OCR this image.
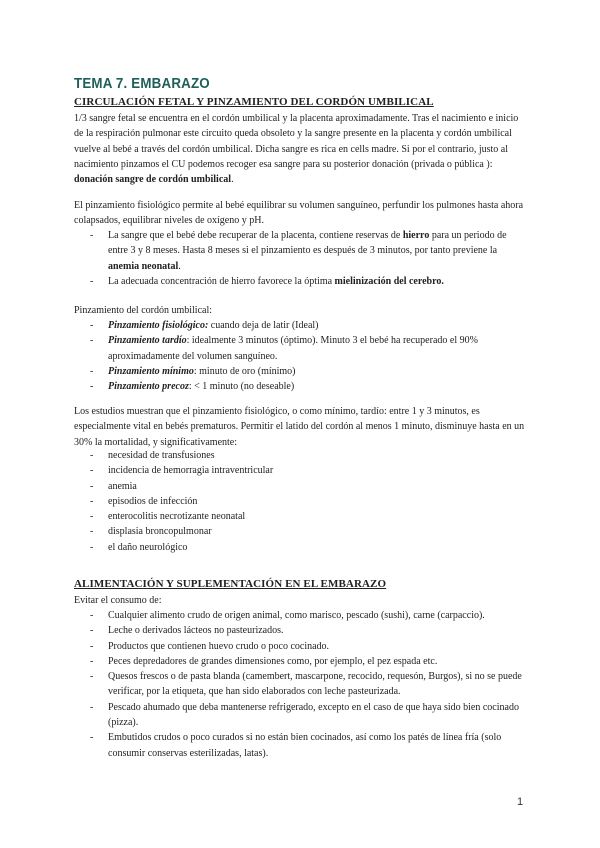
TEMA 7. EMBARAZO
CIRCULACIÓN FETAL Y PINZAMIENTO DEL CORDÓN UMBILICAL

1/3 sangre fetal se encuentra en el cordón umbilical y la placenta aproximadamente. Tras el nacimiento e inicio de la respiración pulmonar este circuito queda obsoleto y la sangre presente en la placenta y cordón umbilical vuelve al bebé a través del cordón umbilical. Dicha sangre es rica en cells madre. Si por el contrario, justo al nacimiento pinzamos el CU podemos recoger esa sangre para su posterior donación (privada o pública ): donación sangre de cordón umbilical.

El pinzamiento fisiológico permite al bebé equilibrar su volumen sanguíneo, perfundir los pulmones hasta ahora colapsados, equilibrar niveles de oxígeno y pH.

- La sangre que el bebé debe recuperar de la placenta, contiene reservas de hierro para un periodo de entre 3 y 8 meses. Hasta 8 meses si el pinzamiento es después de 3 minutos, por tanto previene la anemia neonatal.
- La adecuada concentración de hierro favorece la óptima mielinización del cerebro.

Pinzamiento del cordón umbilical:

- Pinzamiento fisiológico: cuando deja de latir (Ideal)
- Pinzamiento tardío: idealmente 3 minutos (óptimo). Minuto 3 el bebé ha recuperado el 90% aproximadamente del volumen sanguíneo.
- Pinzamiento mínimo: minuto de oro (mínimo)
- Pinzamiento precoz: < 1 minuto (no deseable)

Los estudios muestran que el pinzamiento fisiológico, o como mínimo, tardío: entre 1 y 3 minutos, es especialmente vital en bebés prematuros. Permitir el latido del cordón al menos 1 minuto, disminuye hasta en un 30% la mortalidad, y significativamente:

- necesidad de transfusiones
- incidencia de hemorragia intraventricular
- anemia
- episodios de infección
- enterocolitis necrotizante neonatal
- displasia broncopulmonar
- el daño neurológico
ALIMENTACIÓN Y SUPLEMENTACIÓN EN EL EMBARAZO

Evitar el consumo de:

- Cualquier alimento crudo de origen animal, como marisco, pescado (sushi), carne (carpaccio).
- Leche o derivados lácteos no pasteurizados.
- Productos que contienen huevo crudo o poco cocinado.
- Peces depredadores de grandes dimensiones como, por ejemplo, el pez espada etc.
- Quesos frescos o de pasta blanda (camembert, mascarpone, recocido, requesón, Burgos), si no se puede verificar, por la etiqueta, que han sido elaborados con leche pasteurizada.
- Pescado ahumado que deba mantenerse refrigerado, excepto en el caso de que haya sido bien cocinado (pizza).
- Embutidos crudos o poco curados si no están bien cocinados, así como los patés de línea fría (solo consumir conservas esterilizadas, latas).
1
